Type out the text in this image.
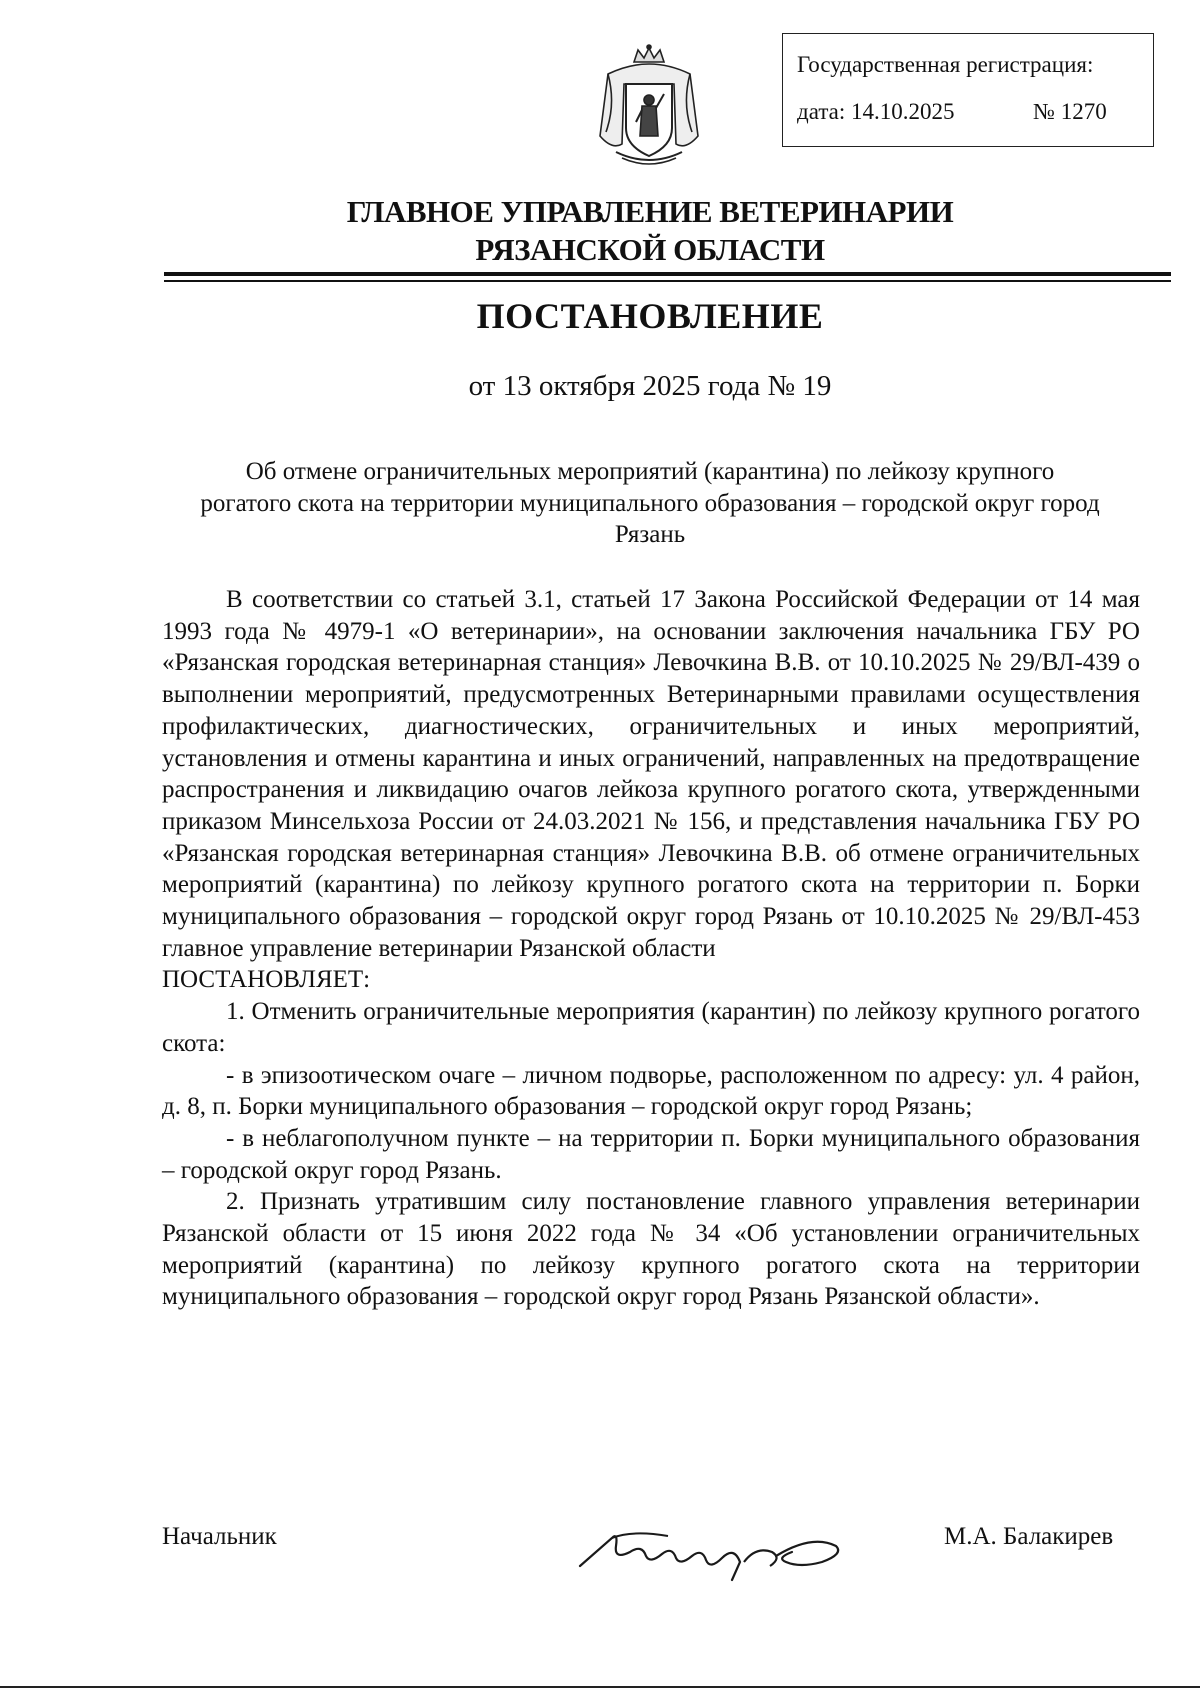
Государственная регистрация:
дата: 14.10.2025	№ 1270
ГЛАВНОЕ УПРАВЛЕНИЕ ВЕТЕРИНАРИИ
РЯЗАНСКОЙ ОБЛАСТИ
ПОСТАНОВЛЕНИЕ
от 13 октября 2025 года № 19
Об отмене ограничительных мероприятий (карантина) по лейкозу крупного рогатого скота на территории муниципального образования – городской округ город Рязань

В соответствии со статьей 3.1, статьей 17 Закона Российской Федерации от 14 мая 1993 года № 4979-1 «О ветеринарии», на основании заключения начальника ГБУ РО «Рязанская городская ветеринарная станция» Левочкина В.В. от 10.10.2025 № 29/ВЛ-439 о выполнении мероприятий, предусмотренных Ветеринарными правилами осуществления профилактических, диагностических, ограничительных и иных мероприятий, установления и отмены карантина и иных ограничений, направленных на предотвращение распространения и ликвидацию очагов лейкоза крупного рогатого скота, утвержденными приказом Минсельхоза России от 24.03.2021 № 156, и представления начальника ГБУ РО «Рязанская городская ветеринарная станция» Левочкина В.В. об отмене ограничительных мероприятий (карантина) по лейкозу крупного рогатого скота на территории п. Борки муниципального образования – городской округ город Рязань от 10.10.2025 № 29/ВЛ-453 главное управление ветеринарии Рязанской области

ПОСТАНОВЛЯЕТ:

1. Отменить ограничительные мероприятия (карантин) по лейкозу крупного рогатого скота:

- в эпизоотическом очаге – личном подворье, расположенном по адресу: ул. 4 район, д. 8, п. Борки муниципального образования – городской округ город Рязань;

- в неблагополучном пункте – на территории п. Борки муниципального образования – городской округ город Рязань.

2. Признать утратившим силу постановление главного управления ветеринарии Рязанской области от 15 июня 2022 года № 34 «Об установлении ограничительных мероприятий (карантина) по лейкозу крупного рогатого скота на территории муниципального образования – городской округ город Рязань Рязанской области».

Начальник	М.А. Балакирев
